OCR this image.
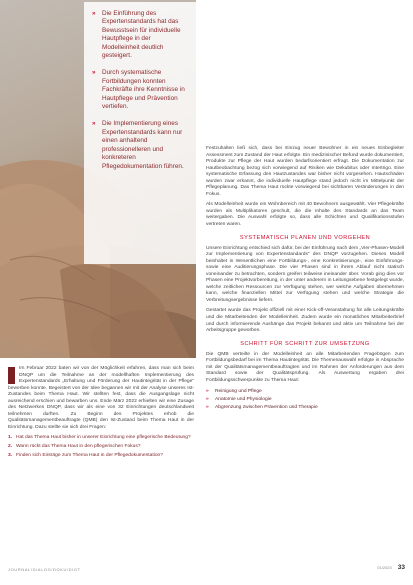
»	Die Einführung des Expertenstandards hat das Bewusstsein für individuelle Hautpflege in der Modelleinheit deutlich gesteigert.
»	Durch systematische Fortbildungen konnten Fachkräfte ihre Kenntnisse in Hautpflege und Prävention vertiefen.
»	Die Implementierung eines Expertenstandards kann nur einen anhaltend professionelleren und konkreteren Pflegedokumentation führen.

Im Februar 2022 baten wir von der Möglichkeit erfahren, dass man sich beim DNQP um die Teilnahme an der modellhaften Implementierung des Expertenstandards „Erhaltung und Förderung der Hautintegrität in der Pflege“ bewerben konnte. Begeistert von der Idee begannen wir mit der Analyse unseres Ist-Zustandes beim Thema Haut. Wir stellten fest, dass die Ausgangslage nicht ausreichend erschien und bewarben uns. Ende März 2022 erhielten wir eine Zusage des Netzwerkes DNQP, dass wir als eine von 32 Einrichtungen deutschlandweit teilnehmen durften. Zu Beginn des Projektes erhob die Qualitätsmanagementbeauftragte (QMB) den Ist-Zustand beim Thema Haut in der Einrichtung. Dazu stellte sie sich drei Fragen:

1. Hat das Thema Haut bisher in unserer Einrichtung eine pflegerische Bedeutung?
2. Wann rückt das Thema Haut in den pflegerischen Fokus?
3. Finden sich Einträge zum Thema Haut in der Pflegedokumentation?

Festzuhalten ließ sich, dass bei Einzug neuer Bewohner in ein neues Einbegleiter Assessment zum Zustand der Haut erfolgte. Ein medizinischer Befund wurde dokumentiert, Produkte zur Pflege der Haut wurden bedarfsorientiert erfragt. Die Dokumentation zur Hautbeobachtung bezog sich vorwiegend auf Risiken wie Dekubitus oder Intertrigo. Eine systematische Erfassung des Hautzustandes war bisher nicht vorgesehen. Hautschäden wurden zwar erkannt, die individuelle Hautpflege stand jedoch nicht im Mittelpunkt der Pflegeplanung. Das Thema Haut rückte vorwiegend bei sichtbaren Veränderungen in den Fokus.

Als Modelleinheit wurde ein Wohnbereich mit 40 Bewohnern ausgewählt. Vier Pflegekräfte wurden als Multiplikatoren geschult, die die Inhalte des Standards an das Team weitergaben. Die Auswahl erfolgte so, dass alle Schichten und Qualifikationsstufen vertreten waren.

SYSTEMATISCH PLANEN UND VORGEHEN

Unsere Einrichtung entschied sich dafür, bei der Einführung nach dem „Vier-Phasen-Modell zur Implementierung von Expertenstandards“ des DNQP vorzugehen. Dieses Modell beinhaltet in Wesentlichen eine Fortbildungs-, eine Konkretisierungs-, eine Einführungs- sowie eine Auditierungsphase. Die vier Phasen sind in ihrem Ablauf nicht statisch voneinander zu betrachten, sondern greifen teilweise ineinander über. Vorab ging dies vor Phasen eine Projektvorbereitung, in der unter anderem in Leitungsebene festgelegt wurde, welche zeitlichen Ressourcen zur Verfügung stehen, wer welche Aufgaben übernehmen kann, welche finanziellen Mittel zur Verfügung stehen und welche Strategie die Verbreitungsergebnisse liefern.

Gestartet wurde das Projekt offiziell mit einer Kick-off-Veranstaltung für alle Leitungskräfte und die Mitarbeitenden der Modelleinheit. Zudem wurde ein monatliches Mitarbeiterbrief und durch informierende Aushänge das Projekt bekannt und aktiv um Teilnahme bei der Arbeitsgruppe geworben.

SCHRITT FÜR SCHRITT ZUR UMSETZUNG

Die QMB verteilte in der Modelleinheit an alle Mitarbeitenden Fragebögen zum Fortbildungsbedarf bei im Thema Hautintegrität. Die Themenauswahl erfolgte in Absprache mit der Qualitätsmanagementbeauftragten und im Rahmen der Anforderungen aus dem Standard sowie der Qualitätsprüfung. Als Auswertung ergaben drei Fortbildungsschwerpunkte zu Thema Haut:

»	Reinigung und Pflege
»	Anatomie und Physiologie
»	Abgrenzung zwischen Prävention und Therapie
JOURNAL/DIALOG/DOKU/DIGT	01/2023 33
